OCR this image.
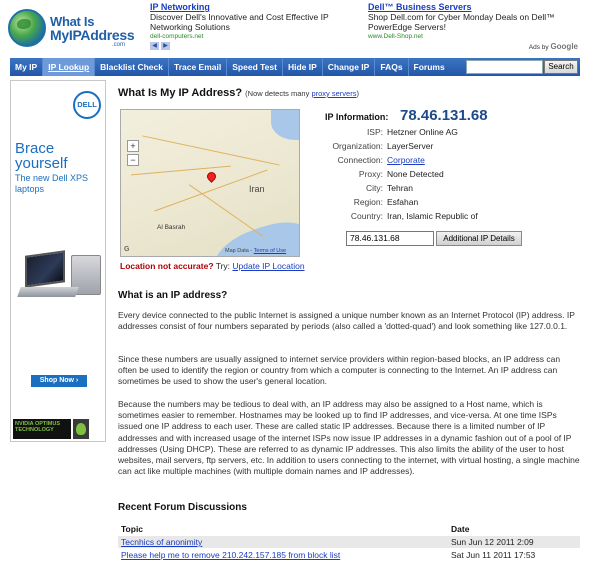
What Is
MyIPAddress
.com
IP Networking
Discover Dell's Innovative and Cost Effective IP Networking Solutions
dell-computers.net
Dell™ Business Servers
Shop Dell.com for Cyber Monday Deals on Dell™ PowerEdge Servers!
www.Dell-Shop.net
◀	▶	Ads by Google
My IP	IP Lookup	Blacklist Check	Trace Email	Speed Test	Hide IP	Change IP	FAQs	Forums	Search
DELL
Brace yourself
The new Dell XPS laptops
Shop Now ›
NVIDIA OPTIMUS TECHNOLOGY
What Is My IP Address? (Now detects many proxy servers)
+
−
Iran
Al Basrah
G	Map Data - Terms of Use
Location not accurate? Try: Update IP Location
IP Information: 78.46.131.68
ISP: Hetzner Online AG
Organization: LayerServer
Connection: Corporate
Proxy: None Detected
City: Tehran
Region: Esfahan
Country: Iran, Islamic Republic of
78.46.131.68	Additional IP Details
What is an IP address?
Every device connected to the public Internet is assigned a unique number known as an Internet Protocol (IP) address. IP addresses consist of four numbers separated by periods (also called a 'dotted-quad') and look something like 127.0.0.1.
Since these numbers are usually assigned to internet service providers within region-based blocks, an IP address can often be used to identify the region or country from which a computer is connecting to the Internet. An IP address can sometimes be used to show the user's general location.
Because the numbers may be tedious to deal with, an IP address may also be assigned to a Host name, which is sometimes easier to remember. Hostnames may be looked up to find IP addresses, and vice-versa. At one time ISPs issued one IP address to each user. These are called static IP addresses. Because there is a limited number of IP addresses and with increased usage of the internet ISPs now issue IP addresses in a dynamic fashion out of a pool of IP addresses (Using DHCP). These are referred to as dynamic IP addresses. This also limits the ability of the user to host websites, mail servers, ftp servers, etc. In addition to users connecting to the internet, with virtual hosting, a single machine can act like multiple machines (with multiple domain names and IP addresses).
Recent Forum Discussions
Topic	Date
Tecnhics of anonimity	Sun Jun 12 2011 2:09
Please help me to remove 210.242.157.185 from block list	Sat Jun 11 2011 17:53
